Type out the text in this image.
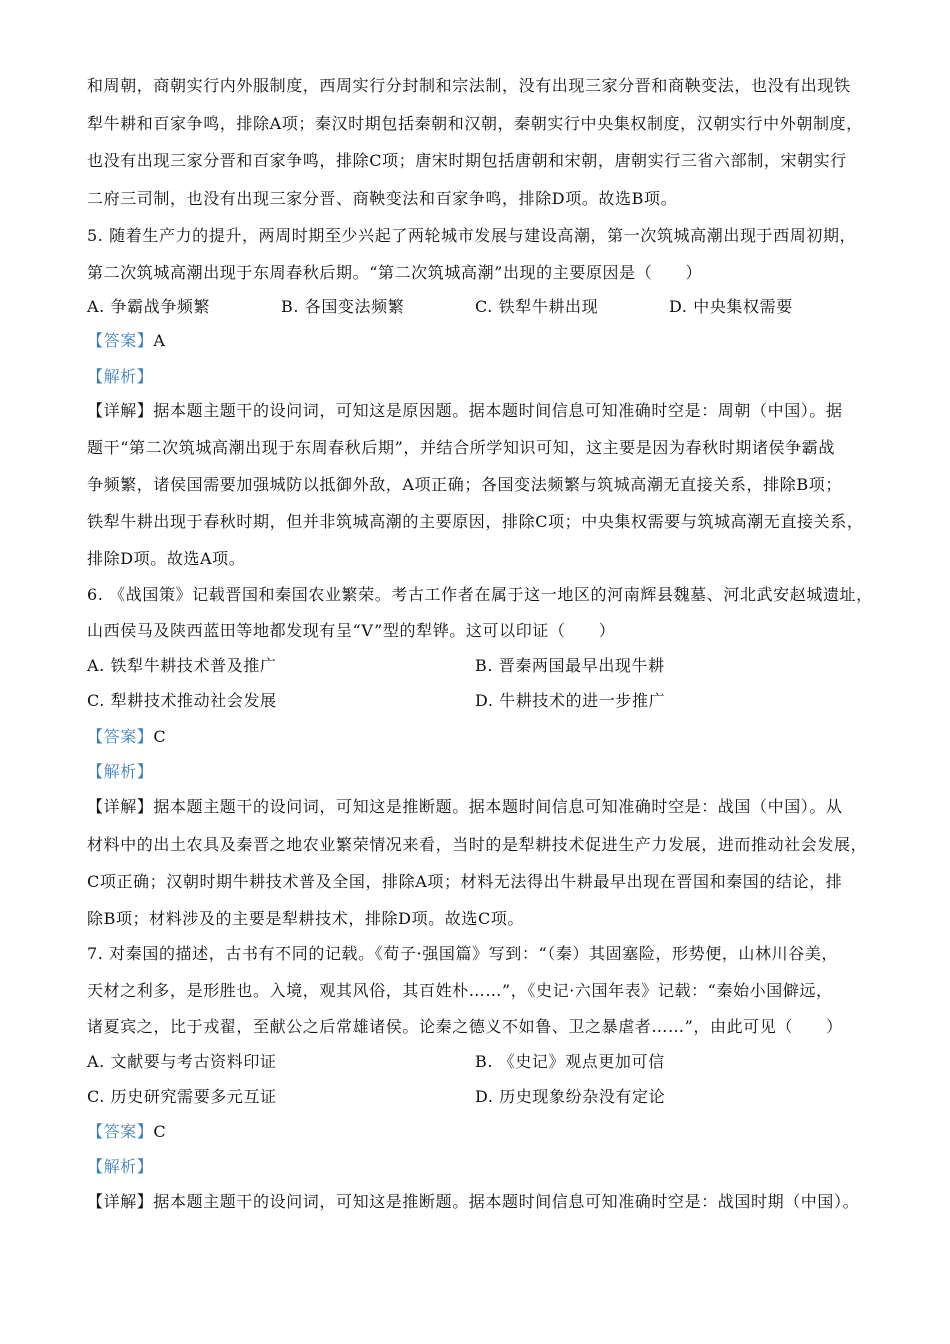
和周朝，商朝实行内外服制度，西周实行分封制和宗法制，没有出现三家分晋和商鞅变法，也没有出现铁
犁牛耕和百家争鸣，排除A项；秦汉时期包括秦朝和汉朝，秦朝实行中央集权制度，汉朝实行中外朝制度，
也没有出现三家分晋和百家争鸣，排除C项；唐宋时期包括唐朝和宋朝，唐朝实行三省六部制，宋朝实行
二府三司制，也没有出现三家分晋、商鞅变法和百家争鸣，排除D项。故选B项。
5. 随着生产力的提升，两周时期至少兴起了两轮城市发展与建设高潮，第一次筑城高潮出现于西周初期，
第二次筑城高潮出现于东周春秋后期。“第二次筑城高潮”出现的主要原因是（　　）
A. 争霸战争频繁	B. 各国变法频繁	C. 铁犁牛耕出现	D. 中央集权需要
【答案】A
【解析】
【详解】据本题主题干的设问词，可知这是原因题。据本题时间信息可知准确时空是：周朝（中国）。据
题干“第二次筑城高潮出现于东周春秋后期”，并结合所学知识可知，这主要是因为春秋时期诸侯争霸战
争频繁，诸侯国需要加强城防以抵御外敌，A项正确；各国变法频繁与筑城高潮无直接关系，排除B项；
铁犁牛耕出现于春秋时期，但并非筑城高潮的主要原因，排除C项；中央集权需要与筑城高潮无直接关系，
排除D项。故选A项。
6. 《战国策》记载晋国和秦国农业繁荣。考古工作者在属于这一地区的河南辉县魏墓、河北武安赵城遗址，
山西侯马及陕西蓝田等地都发现有呈“V”型的犁铧。这可以印证（　　）
A. 铁犁牛耕技术普及推广	B. 晋秦两国最早出现牛耕
C. 犁耕技术推动社会发展	D. 牛耕技术的进一步推广
【答案】C
【解析】
【详解】据本题主题干的设问词，可知这是推断题。据本题时间信息可知准确时空是：战国（中国）。从
材料中的出土农具及秦晋之地农业繁荣情况来看，当时的是犁耕技术促进生产力发展，进而推动社会发展，
C项正确；汉朝时期牛耕技术普及全国，排除A项；材料无法得出牛耕最早出现在晋国和秦国的结论，排
除B项；材料涉及的主要是犁耕技术，排除D项。故选C项。
7. 对秦国的描述，古书有不同的记载。《荀子·强国篇》写到：“（秦）其固塞险，形势便，山林川谷美，
天材之利多，是形胜也。入境，观其风俗，其百姓朴……”，《史记·六国年表》记载：“秦始小国僻远，
诸夏宾之，比于戎翟，至献公之后常雄诸侯。论秦之德义不如鲁、卫之暴虐者……”，由此可见（　　）
A. 文献要与考古资料印证	B. 《史记》观点更加可信
C. 历史研究需要多元互证	D. 历史现象纷杂没有定论
【答案】C
【解析】
【详解】据本题主题干的设问词，可知这是推断题。据本题时间信息可知准确时空是：战国时期（中国）。
